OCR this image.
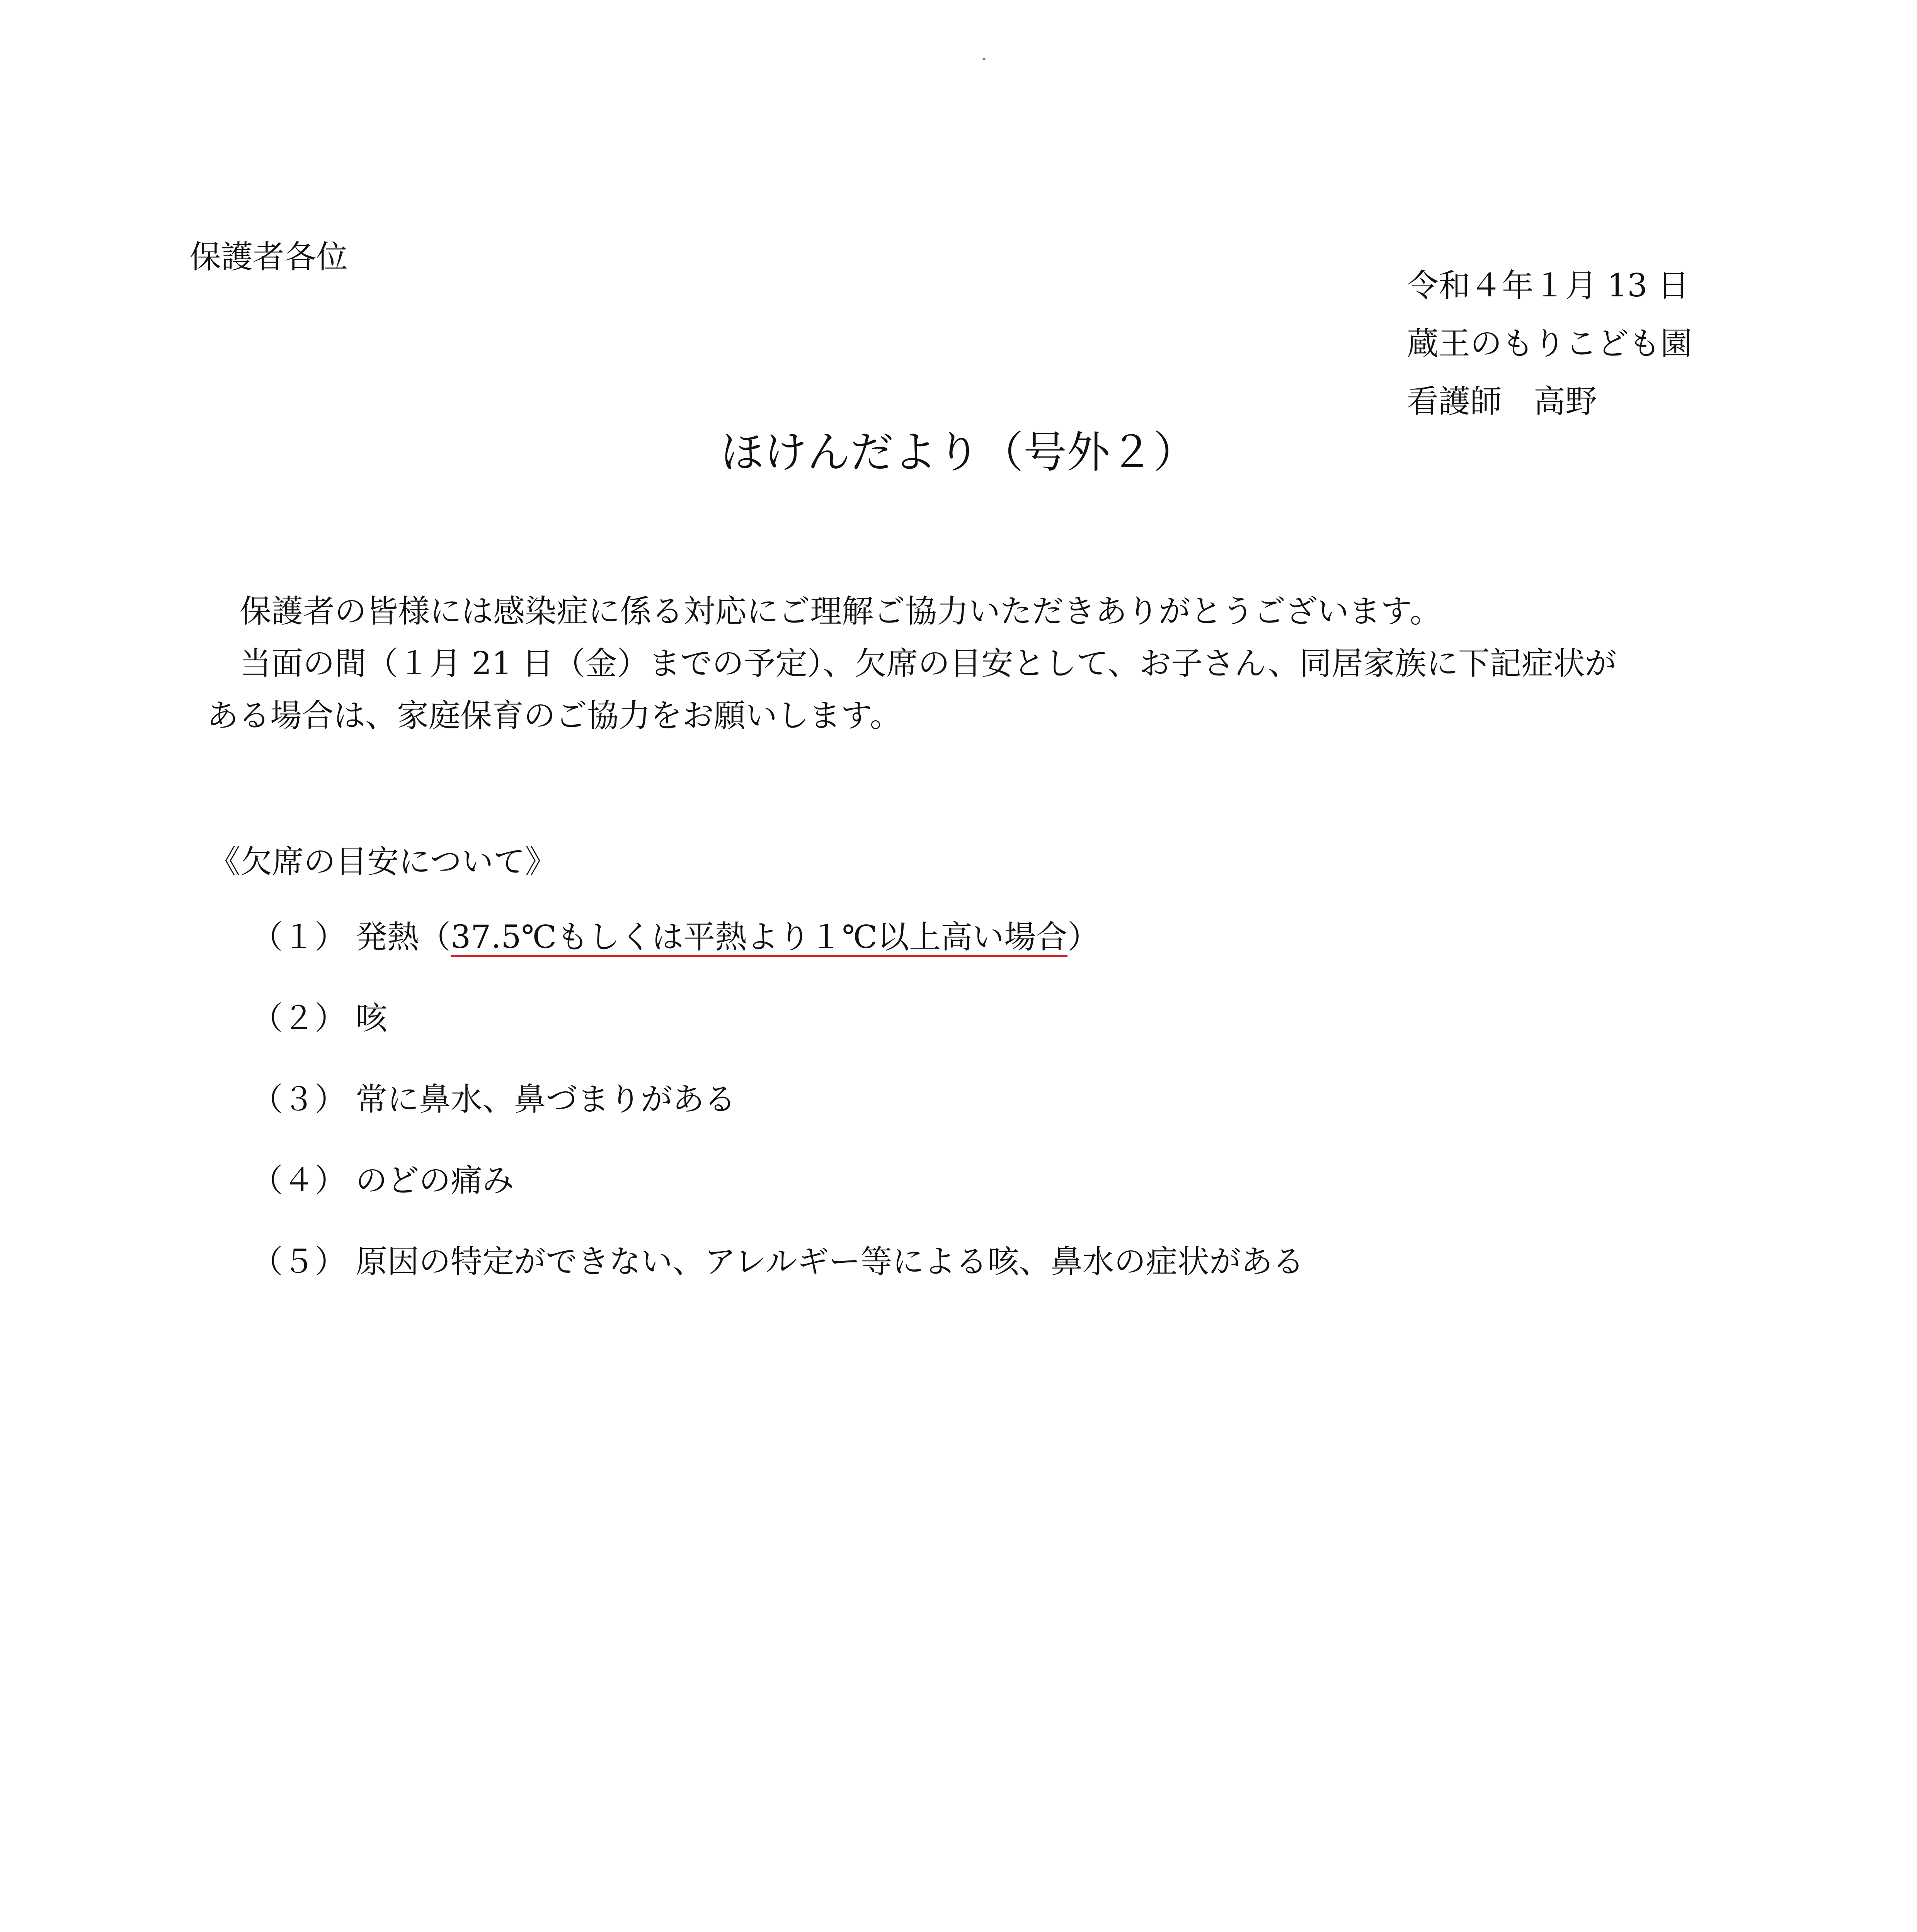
保護者各位
令和４年１月 13 日
蔵王のもりこども園
看護師　高野
ほけんだより（号外２）

保護者の皆様には感染症に係る対応にご理解ご協力いただきありがとうございます。

当面の間（１月 21 日（金）までの予定）、欠席の目安として、お子さん、同居家族に下記症状が

ある場合は、家庭保育のご協力をお願いします。

《欠席の目安について》
（１） 発熱（37.5℃もしくは平熱より１℃以上高い場合）
（２） 咳
（３） 常に鼻水、鼻づまりがある
（４） のどの痛み
（５） 原因の特定ができない、アレルギー等による咳、鼻水の症状がある
